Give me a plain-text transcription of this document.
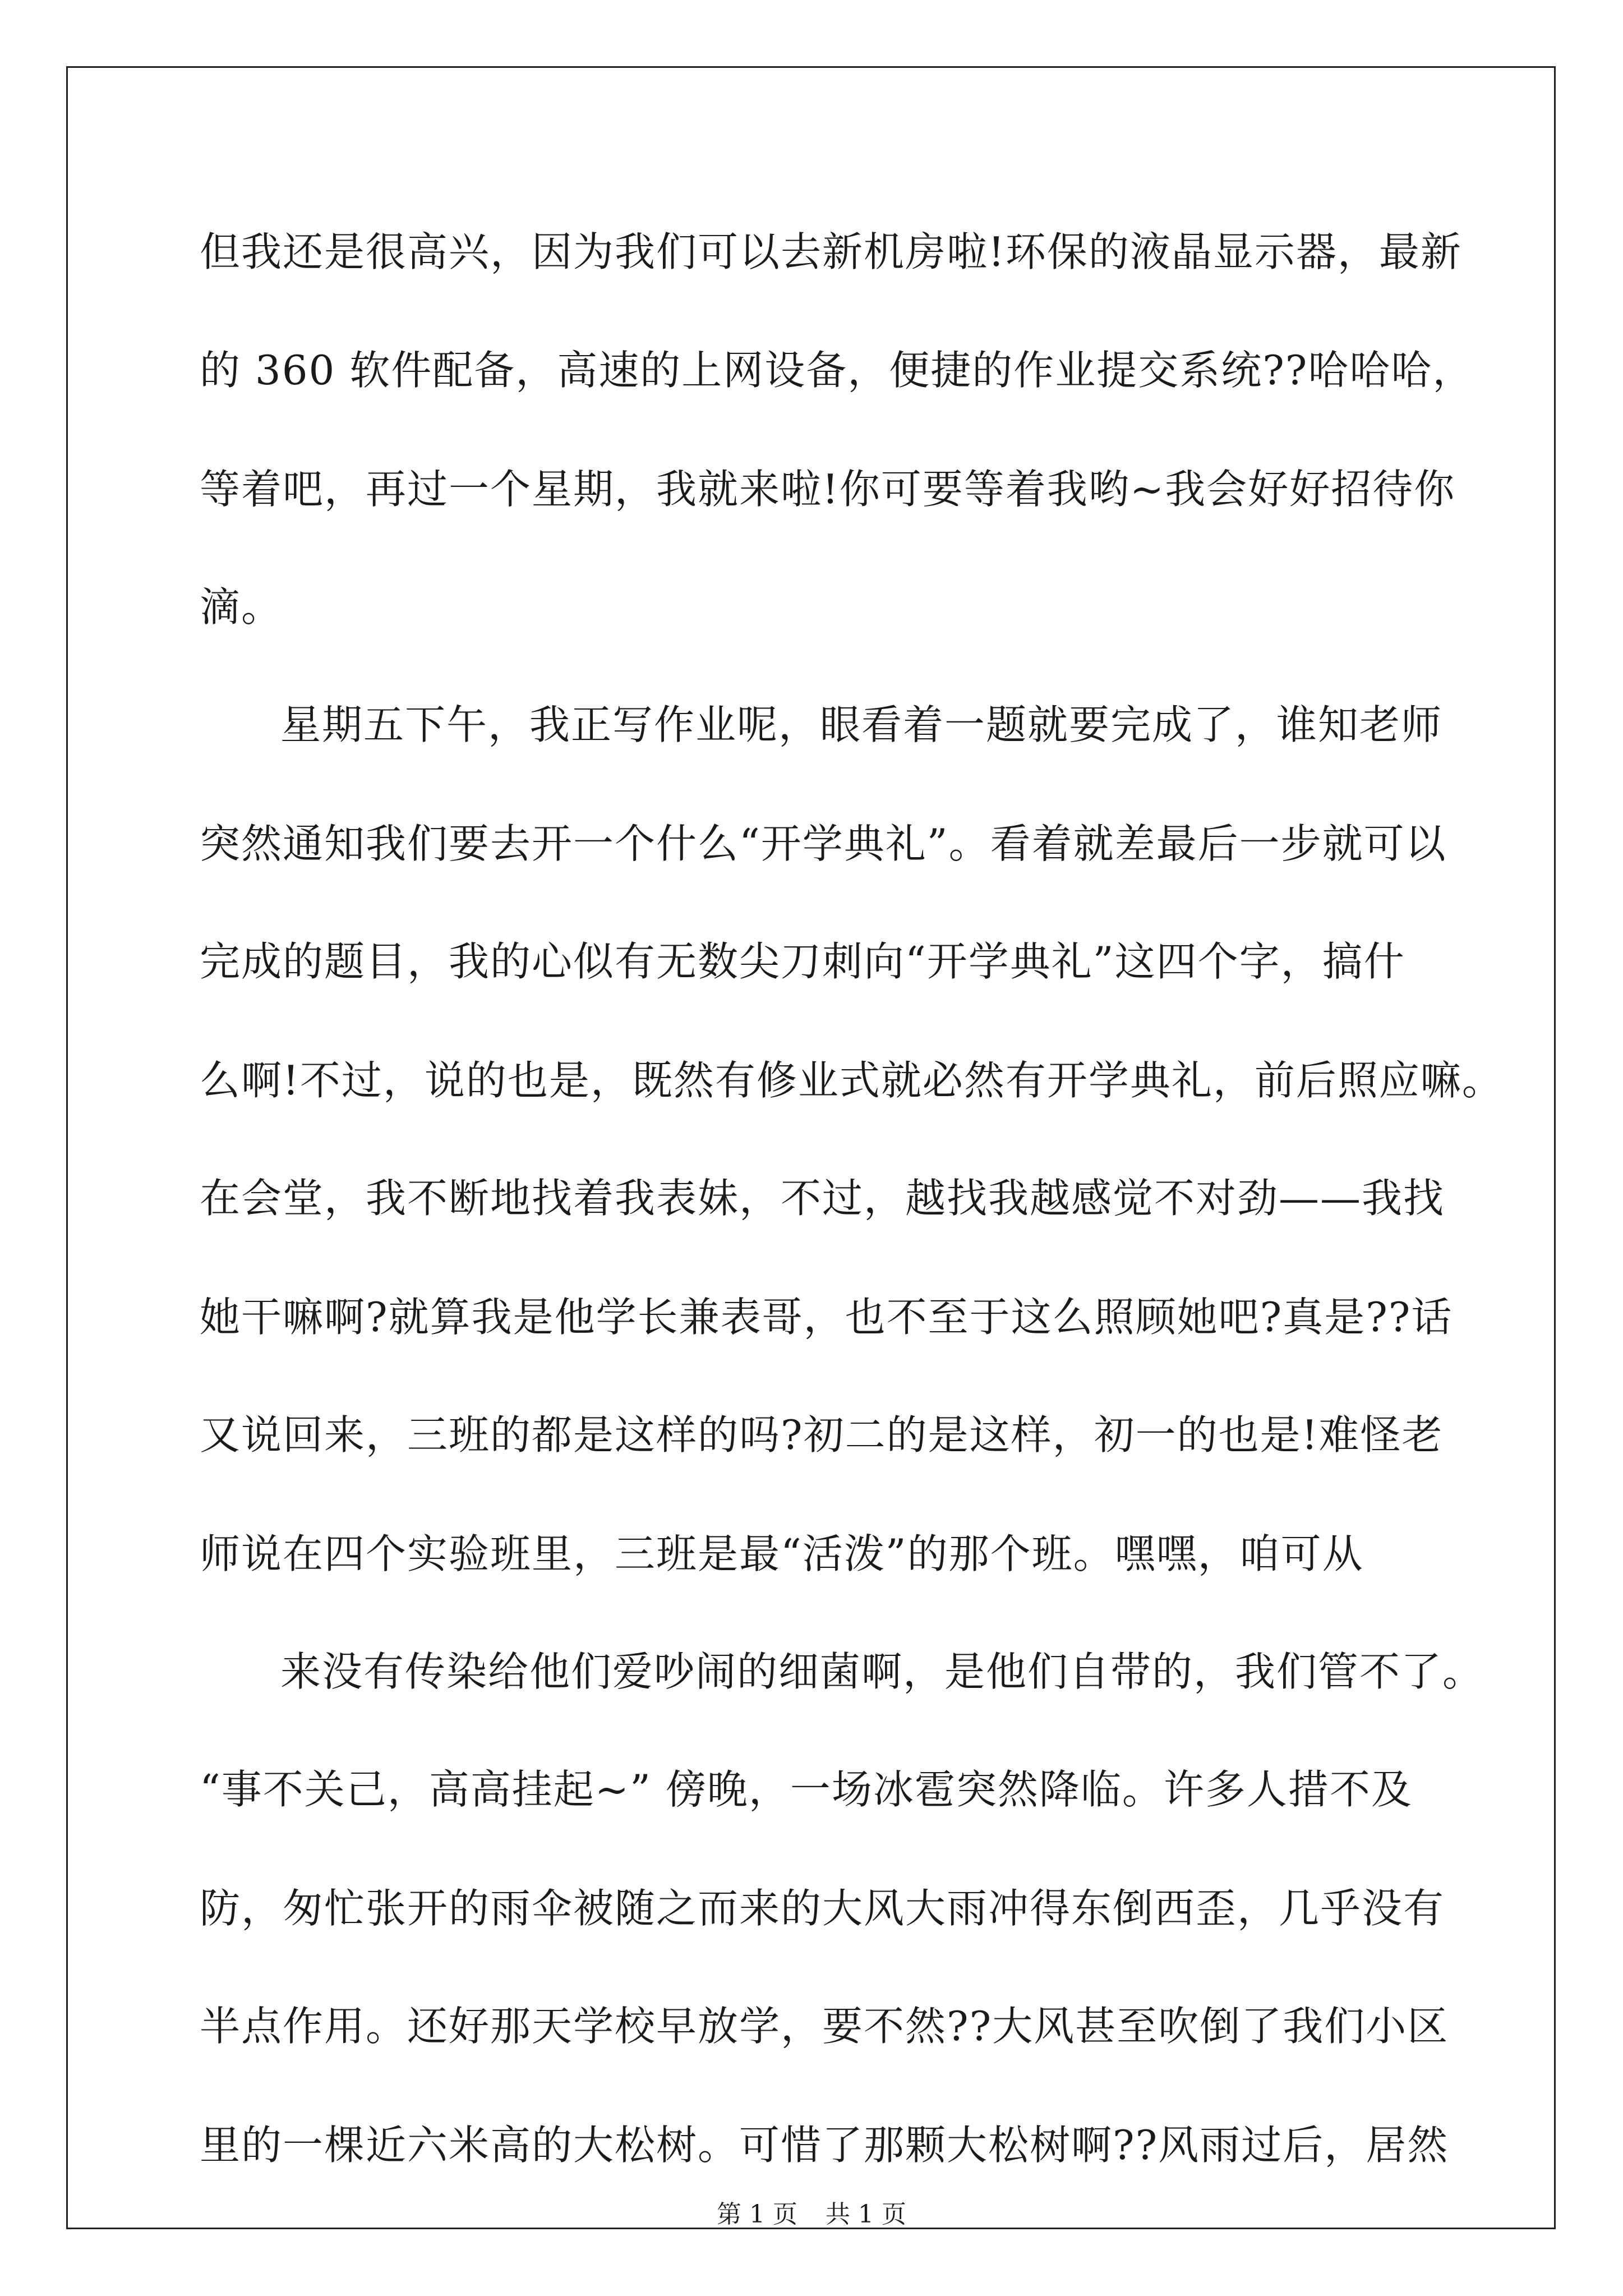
但我还是很高兴，因为我们可以去新机房啦!环保的液晶显示器，最新
的 360 软件配备，高速的上网设备，便捷的作业提交系统??哈哈哈，
等着吧，再过一个星期，我就来啦!你可要等着我哟~我会好好招待你
滴。
星期五下午，我正写作业呢，眼看着一题就要完成了，谁知老师
突然通知我们要去开一个什么“开学典礼”。看着就差最后一步就可以
完成的题目，我的心似有无数尖刀刺向“开学典礼”这四个字，搞什
么啊!不过，说的也是，既然有修业式就必然有开学典礼，前后照应嘛。
在会堂，我不断地找着我表妹，不过，越找我越感觉不对劲——我找
她干嘛啊?就算我是他学长兼表哥，也不至于这么照顾她吧?真是??话
又说回来，三班的都是这样的吗?初二的是这样，初一的也是!难怪老
师说在四个实验班里，三班是最“活泼”的那个班。嘿嘿，咱可从
来没有传染给他们爱吵闹的细菌啊，是他们自带的，我们管不了。
“事不关己，高高挂起~” 傍晚，一场冰雹突然降临。许多人措不及
防，匆忙张开的雨伞被随之而来的大风大雨冲得东倒西歪，几乎没有
半点作用。还好那天学校早放学，要不然??大风甚至吹倒了我们小区
里的一棵近六米高的大松树。可惜了那颗大松树啊??风雨过后，居然
第 1 页 共 1 页
